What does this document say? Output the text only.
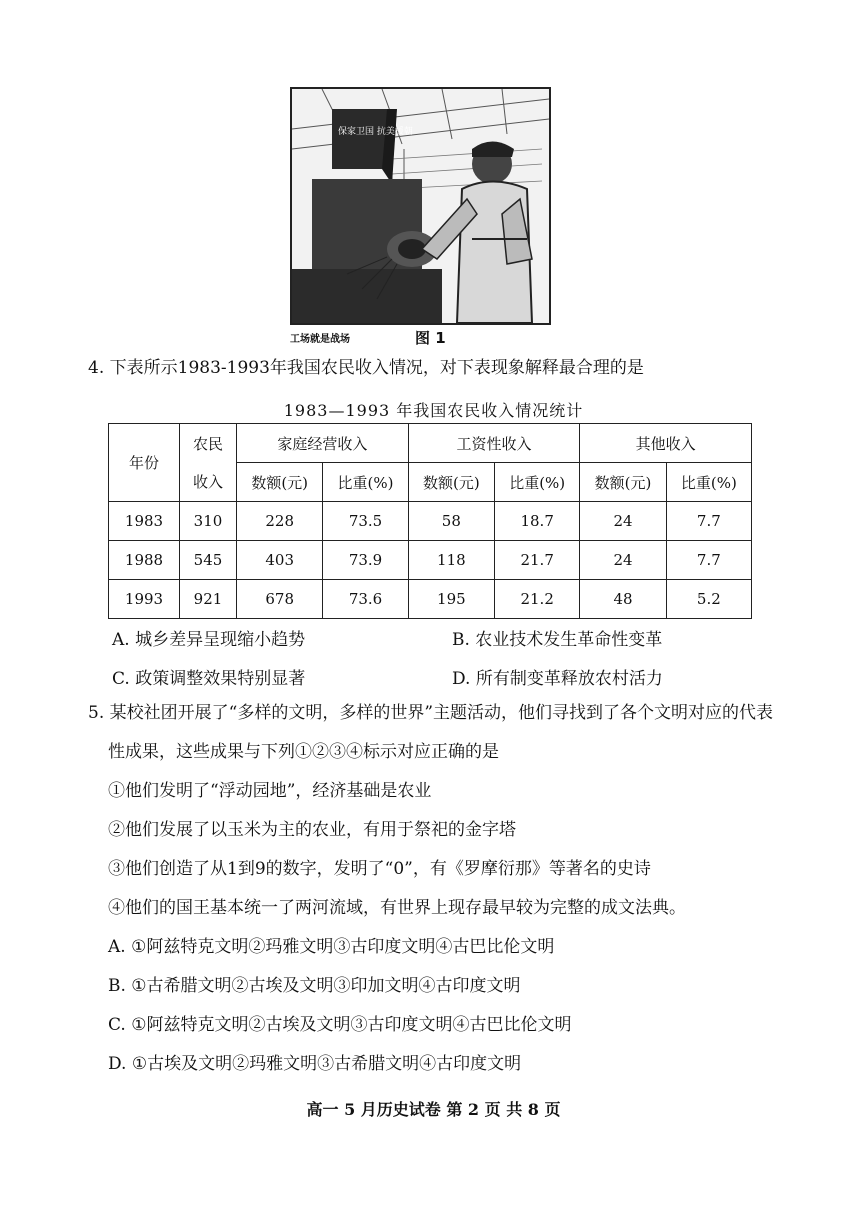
保家卫国 抗美援朝
工场就是战场	图 1
4. 下表所示1983-1993年我国农民收入情况，对下表现象解释最合理的是
1983—1993 年我国农民收入情况统计
年份	农民	家庭经营收入		工资性收入		其他收入	
	收入	数额(元)	比重(%)	数额(元)	比重(%)	数额(元)	比重(%)
1983	310	228	73.5	58	18.7	24	7.7
1988	545	403	73.9	118	21.7	24	7.7
1993	921	678	73.6	195	21.2	48	5.2
A. 城乡差异呈现缩小趋势	B. 农业技术发生革命性变革
C. 政策调整效果特别显著	D. 所有制变革释放农村活力
5. 某校社团开展了“多样的文明，多样的世界”主题活动，他们寻找到了各个文明对应的代表
性成果，这些成果与下列①②③④标示对应正确的是
①他们发明了“浮动园地”，经济基础是农业
②他们发展了以玉米为主的农业，有用于祭祀的金字塔
③他们创造了从1到9的数字，发明了“0”，有《罗摩衍那》等著名的史诗
④他们的国王基本统一了两河流域，有世界上现存最早较为完整的成文法典。
A. ①阿兹特克文明②玛雅文明③古印度文明④古巴比伦文明
B. ①古希腊文明②古埃及文明③印加文明④古印度文明
C. ①阿兹特克文明②古埃及文明③古印度文明④古巴比伦文明
D. ①古埃及文明②玛雅文明③古希腊文明④古印度文明
高一 5 月历史试卷 第 2 页 共 8 页
